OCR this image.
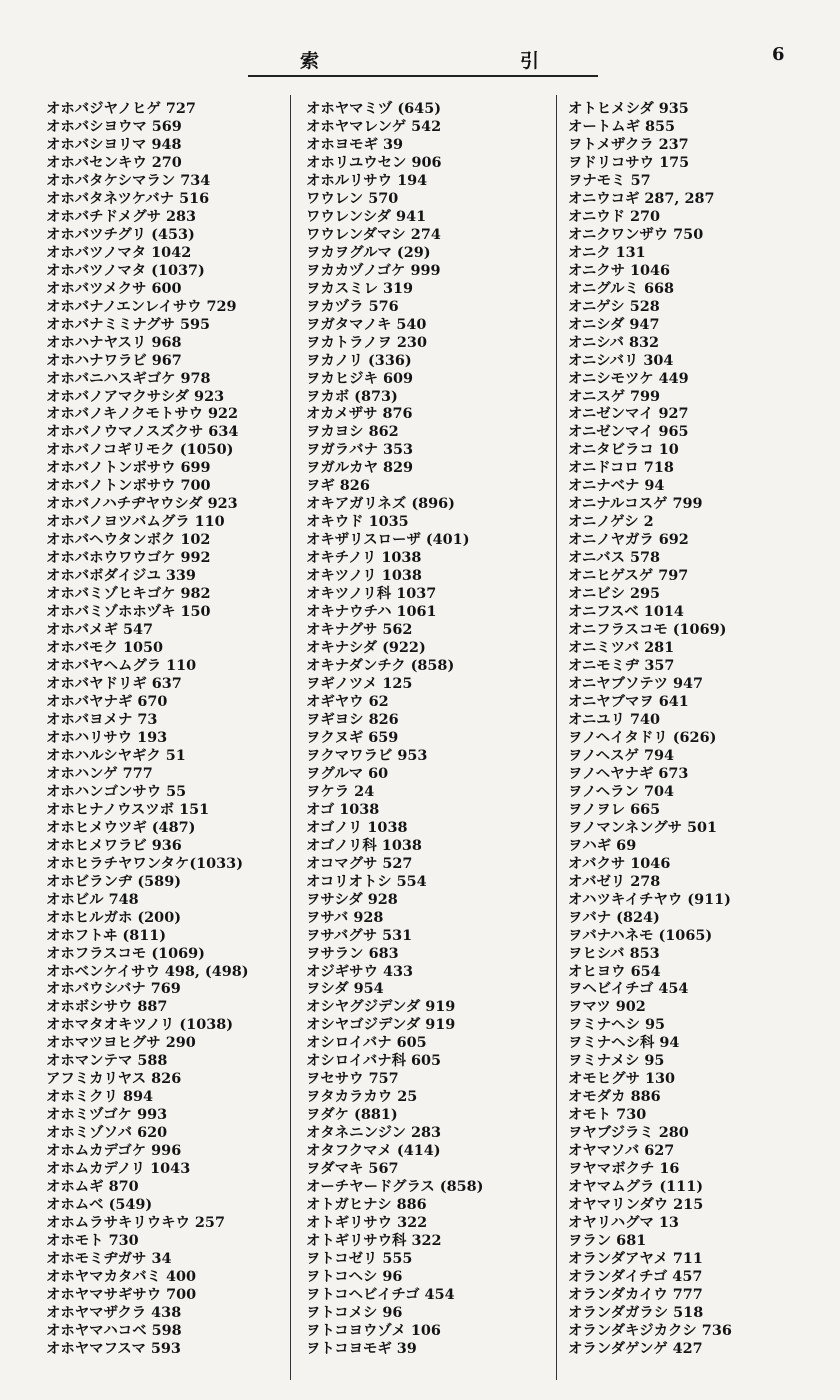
索	引	6
オホバジヤノヒゲ 727
オホバシヨウマ 569
オホバシヨリマ 948
オホバセンキウ 270
オホバタケシマラン 734
オホバタネツケバナ 516
オホバチドメグサ 283
オホバツチグリ (453)
オホバツノマタ 1042
オホバツノマタ (1037)
オホバツメクサ 600
オホバナノエンレイサウ 729
オホバナミミナグサ 595
オホハナヤスリ 968
オホハナワラビ 967
オホバニハスギゴケ 978
オホバノアマクサシダ 923
オホバノキノクモトサウ 922
オホバノウマノスズクサ 634
オホバノコギリモク (1050)
オホバノトンボサウ 699
オホバノトンボサウ 700
オホバノハチヂヤウシダ 923
オホバノヨツバムグラ 110
オホバヘウタンボク 102
オホバホウワウゴケ 992
オホバボダイジユ 339
オホバミゾヒキゴケ 982
オホバミゾホホヅキ 150
オホバメギ 547
オホバモク 1050
オホバヤヘムグラ 110
オホバヤドリギ 637
オホバヤナギ 670
オホバヨメナ 73
オホハリサウ 193
オホハルシヤギク 51
オホハンゲ 777
オホハンゴンサウ 55
オホヒナノウスツボ 151
オホヒメウツギ (487)
オホヒメワラビ 936
オホヒラチヤワンタケ(1033)
オホビランヂ (589)
オホビル 748
オホヒルガホ (200)
オホフトヰ (811)
オホフラスコモ (1069)
オホベンケイサウ 498, (498)
オホバウシバナ 769
オホボシサウ 887
オホマタオキツノリ (1038)
オホマツヨヒグサ 290
オホマンテマ 588
アフミカリヤス 826
オホミクリ 894
オホミヅゴケ 993
オホミゾソバ 620
オホムカデゴケ 996
オホムカデノリ 1043
オホムギ 870
オホムベ (549)
オホムラサキリウキウ 257
オホモト 730
オホモミヂガサ 34
オホヤマカタバミ 400
オホヤマサギサウ 700
オホヤマザクラ 438
オホヤマハコベ 598
オホヤマフスマ 593
オホヤマミヅ (645)
オホヤマレンゲ 542
オホヨモギ 39
オホリユウセン 906
オホルリサウ 194
ワウレン 570
ワウレンシダ 941
ワウレンダマシ 274
ヲカヲグルマ (29)
ヲカカヅノゴケ 999
ヲカスミレ 319
ヲカヅラ 576
ヲガタマノキ 540
ヲカトラノヲ 230
ヲカノリ (336)
ヲカヒジキ 609
ヲカボ (873)
オカメザサ 876
ヲカヨシ 862
ヲガラバナ 353
ヲガルカヤ 829
ヲギ 826
オキアガリネズ (896)
オキウド 1035
オキザリスローザ (401)
オキチノリ 1038
オキツノリ 1038
オキツノリ科 1037
オキナウチハ 1061
オキナグサ 562
オキナシダ (922)
オキナダンチク (858)
ヲギノツメ 125
オギヤウ 62
ヲギヨシ 826
ヲクヌギ 659
ヲクマワラビ 953
ヲグルマ 60
ヲケラ 24
オゴ 1038
オゴノリ 1038
オゴノリ科 1038
オコマグサ 527
オコリオトシ 554
ヲサシダ 928
ヲサバ 928
ヲサバグサ 531
ヲサラン 683
オジギサウ 433
ヲシダ 954
オシヤグジデンダ 919
オシヤゴジデンダ 919
オシロイバナ 605
オシロイバナ科 605
ヲセサウ 757
ヲタカラカウ 25
ヲダケ (881)
オタネニンジン 283
オタフクマメ (414)
ヲダマキ 567
オーチヤードグラス (858)
オトガヒナシ 886
オトギリサウ 322
オトギリサウ科 322
ヲトコゼリ 555
ヲトコヘシ 96
ヲトコヘビイチゴ 454
ヲトコメシ 96
ヲトコヨウゾメ 106
ヲトコヨモギ 39
オトヒメシダ 935
オートムギ 855
ヲトメザクラ 237
ヲドリコサウ 175
ヲナモミ 57
オニウコギ 287, 287
オニウド 270
オニクワンザウ 750
オニク 131
オニクサ 1046
オニグルミ 668
オニゲシ 528
オニシダ 947
オニシバ 832
オニシバリ 304
オニシモツケ 449
オニスゲ 799
オニゼンマイ 927
オニゼンマイ 965
オニタビラコ 10
オニドコロ 718
オニナベナ 94
オニナルコスゲ 799
オニノゲシ 2
オニノヤガラ 692
オニバス 578
オニヒゲスゲ 797
オニビシ 295
オニフスベ 1014
オニフラスコモ (1069)
オニミツバ 281
オニモミヂ 357
オニヤブソテツ 947
オニヤブマヲ 641
オニユリ 740
ヲノヘイタドリ (626)
ヲノヘスゲ 794
ヲノヘヤナギ 673
ヲノヘラン 704
ヲノヲレ 665
ヲノマンネングサ 501
ヲハギ 69
オバクサ 1046
オバゼリ 278
オハツキイチヤウ (911)
ヲバナ (824)
ヲバナハネモ (1065)
ヲヒシバ 853
オヒヨウ 654
ヲヘビイチゴ 454
ヲマツ 902
ヲミナヘシ 95
ヲミナヘシ科 94
ヲミナメシ 95
オモヒグサ 130
オモダカ 886
オモト 730
ヲヤブジラミ 280
オヤマソバ 627
ヲヤマボクチ 16
オヤマムグラ (111)
オヤマリンダウ 215
オヤリハグマ 13
ヲラン 681
オランダアヤメ 711
オランダイチゴ 457
オランダカイウ 777
オランダガラシ 518
オランダキジカクシ 736
オランダゲンゲ 427
